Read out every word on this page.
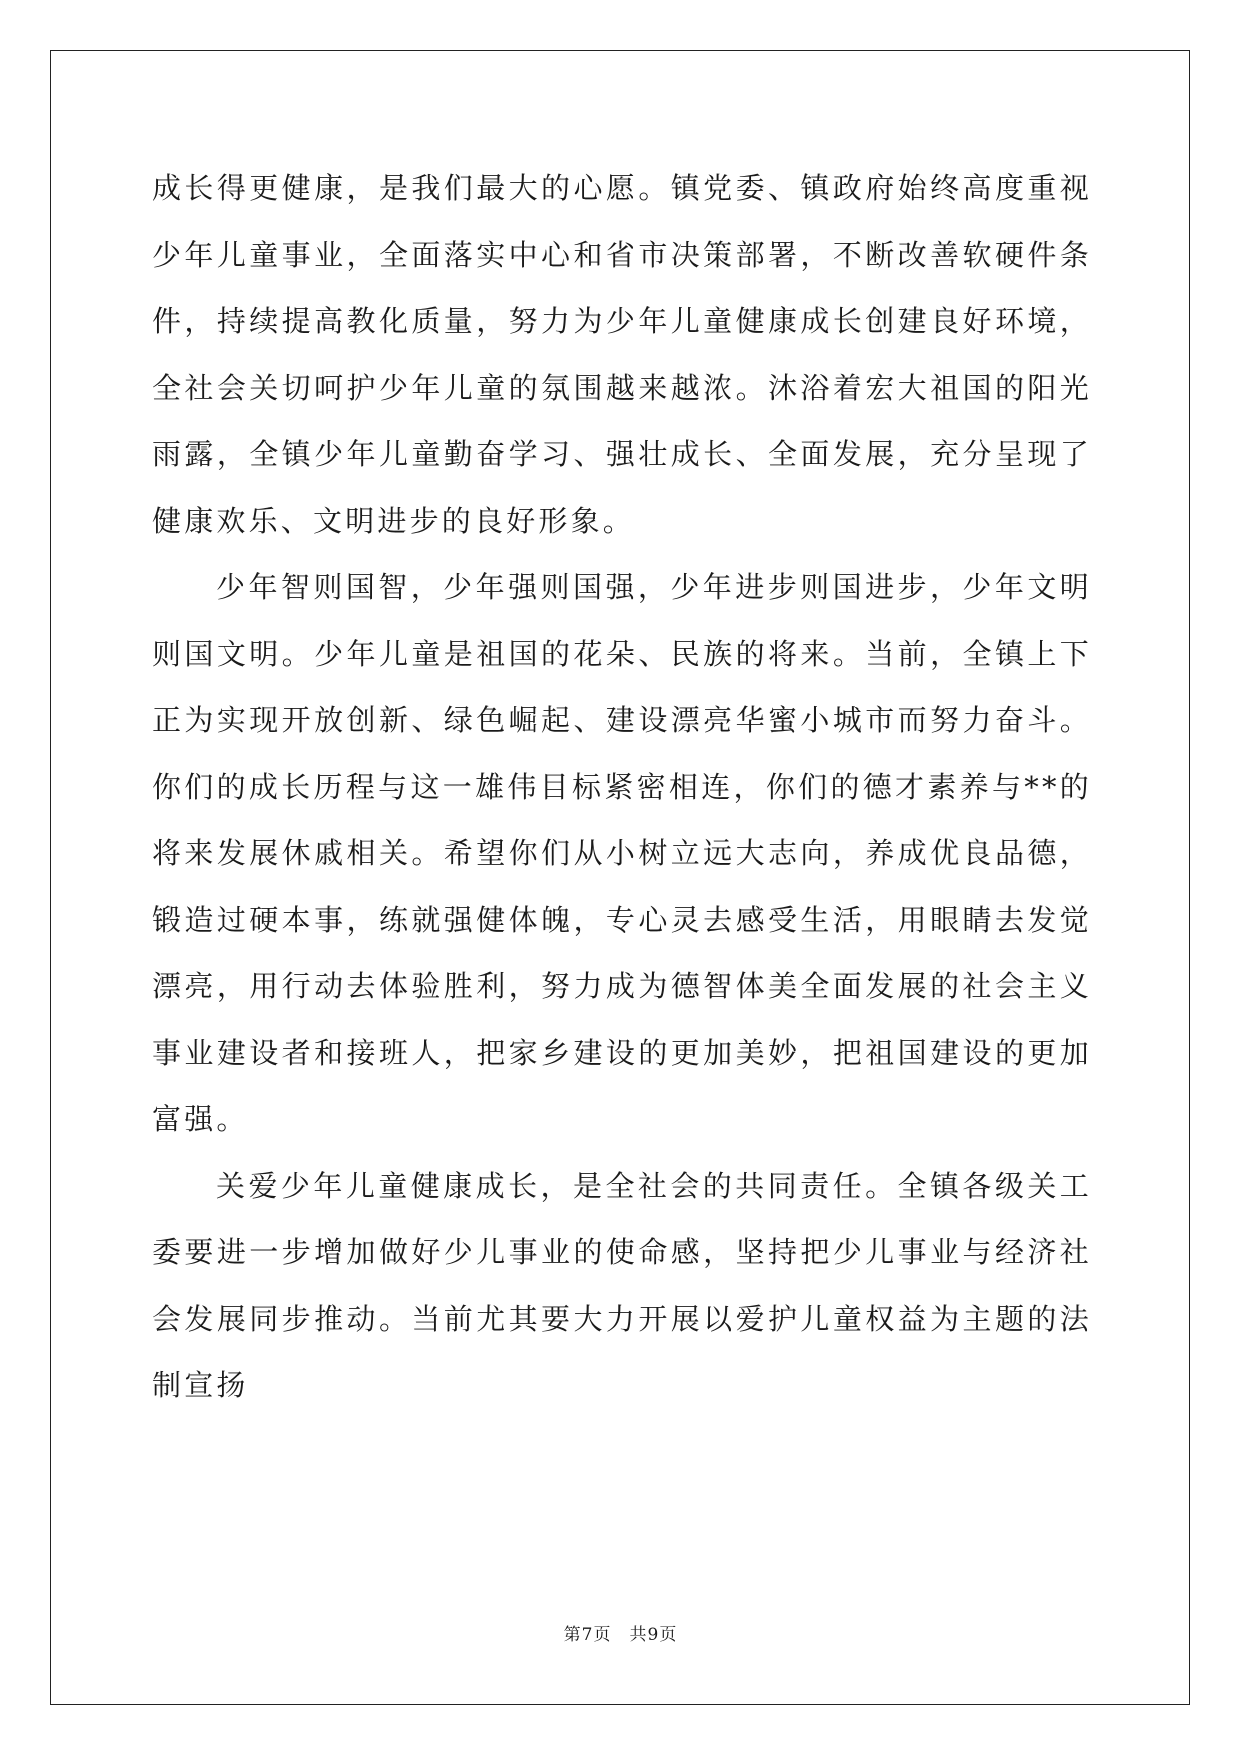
成长得更健康，是我们最大的心愿。镇党委、镇政府始终高度重视少年儿童事业，全面落实中心和省市决策部署，不断改善软硬件条件，持续提高教化质量，努力为少年儿童健康成长创建良好环境，全社会关切呵护少年儿童的氛围越来越浓。沐浴着宏大祖国的阳光雨露，全镇少年儿童勤奋学习、强壮成长、全面发展，充分呈现了健康欢乐、文明进步的良好形象。

少年智则国智，少年强则国强，少年进步则国进步，少年文明则国文明。少年儿童是祖国的花朵、民族的将来。当前，全镇上下正为实现开放创新、绿色崛起、建设漂亮华蜜小城市而努力奋斗。你们的成长历程与这一雄伟目标紧密相连，你们的德才素养与**的将来发展休戚相关。希望你们从小树立远大志向，养成优良品德，锻造过硬本事，练就强健体魄，专心灵去感受生活，用眼睛去发觉漂亮，用行动去体验胜利，努力成为德智体美全面发展的社会主义事业建设者和接班人，把家乡建设的更加美妙，把祖国建设的更加富强。

关爱少年儿童健康成长，是全社会的共同责任。全镇各级关工委要进一步增加做好少儿事业的使命感，坚持把少儿事业与经济社会发展同步推动。当前尤其要大力开展以爱护儿童权益为主题的法制宣扬

第7页 共9页
